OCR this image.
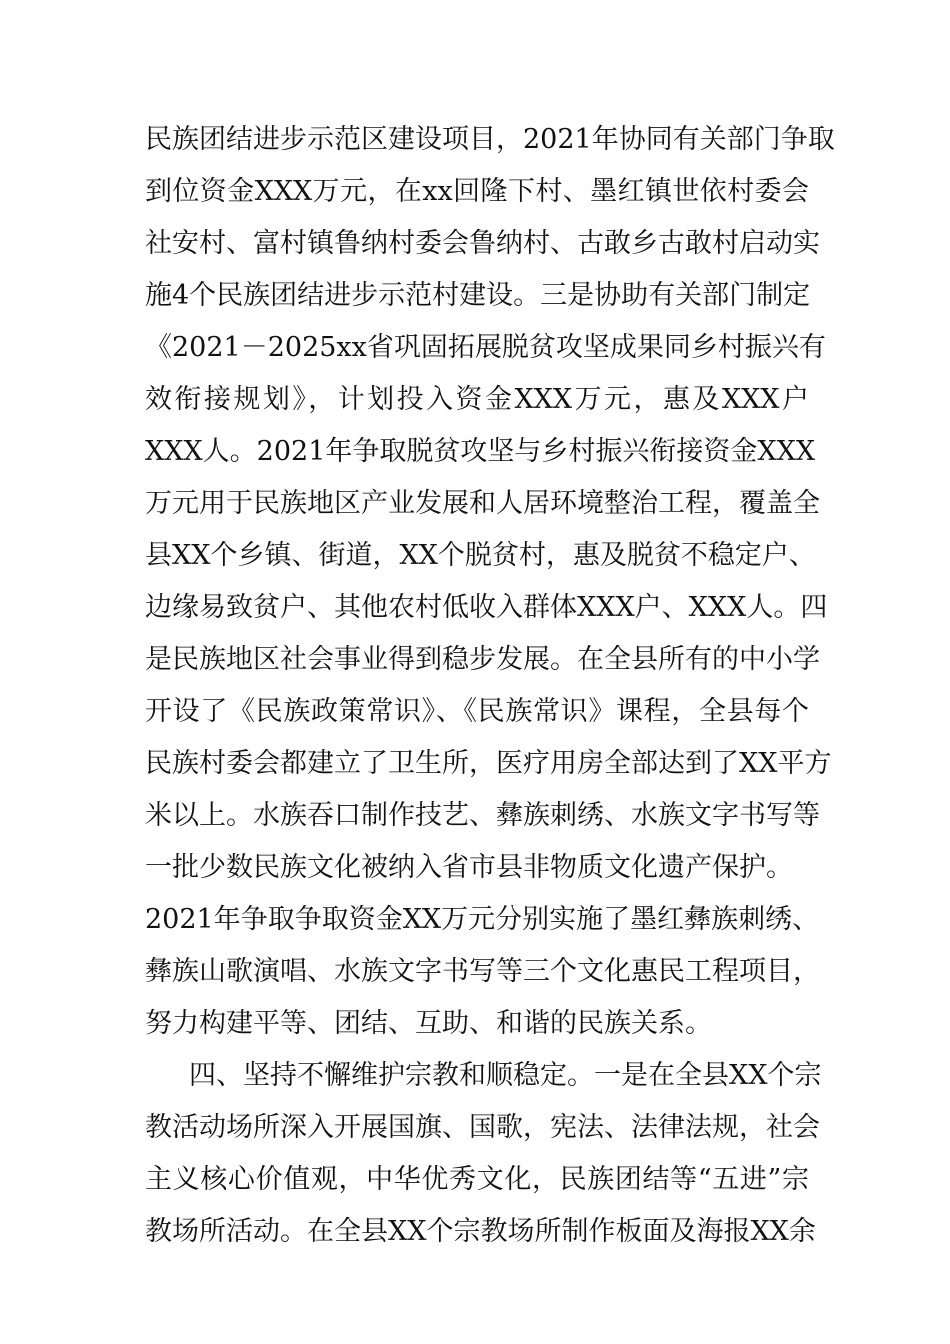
民族团结进步示范区建设项目，2021年协同有关部门争取
到位资金XXX万元，在xx回隆下村、墨红镇世依村委会
社安村、富村镇鲁纳村委会鲁纳村、古敢乡古敢村启动实
施4个民族团结进步示范村建设。三是协助有关部门制定
《2021－2025xx省巩固拓展脱贫攻坚成果同乡村振兴有
效衔接规划》，计划投入资金XXX万元，惠及XXX户
XXX人。2021年争取脱贫攻坚与乡村振兴衔接资金XXX
万元用于民族地区产业发展和人居环境整治工程，覆盖全
县XX个乡镇、街道，XX个脱贫村，惠及脱贫不稳定户、
边缘易致贫户、其他农村低收入群体XXX户、XXX人。四
是民族地区社会事业得到稳步发展。在全县所有的中小学
开设了《民族政策常识》、《民族常识》课程，全县每个
民族村委会都建立了卫生所，医疗用房全部达到了XX平方
米以上。水族吞口制作技艺、彝族刺绣、水族文字书写等
一批少数民族文化被纳入省市县非物质文化遗产保护。
2021年争取争取资金XX万元分别实施了墨红彝族刺绣、
彝族山歌演唱、水族文字书写等三个文化惠民工程项目，
努力构建平等、团结、互助、和谐的民族关系。
四、坚持不懈维护宗教和顺稳定。一是在全县XX个宗
教活动场所深入开展国旗、国歌，宪法、法律法规，社会
主义核心价值观，中华优秀文化，民族团结等“五进”宗
教场所活动。在全县XX个宗教场所制作板面及海报XX余
